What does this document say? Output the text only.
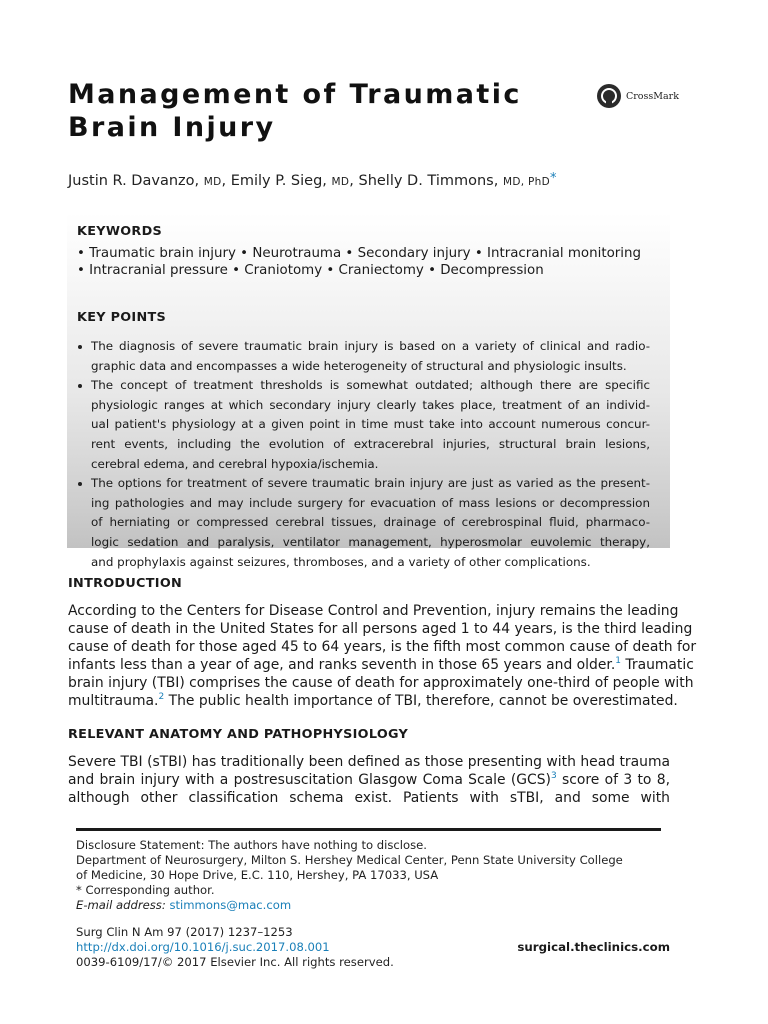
Management of Traumatic
Brain Injury
CrossMark
Justin R. Davanzo, MD, Emily P. Sieg, MD, Shelly D. Timmons, MD, PhD*
KEYWORDS
• Traumatic brain injury • Neurotrauma • Secondary injury • Intracranial monitoring
• Intracranial pressure • Craniotomy • Craniectomy • Decompression
KEY POINTS
The diagnosis of severe traumatic brain injury is based on a variety of clinical and radio-
graphic data and encompasses a wide heterogeneity of structural and physiologic insults.
The concept of treatment thresholds is somewhat outdated; although there are specific
physiologic ranges at which secondary injury clearly takes place, treatment of an individ-
ual patient's physiology at a given point in time must take into account numerous concur-
rent events, including the evolution of extracerebral injuries, structural brain lesions,
cerebral edema, and cerebral hypoxia/ischemia.
The options for treatment of severe traumatic brain injury are just as varied as the present-
ing pathologies and may include surgery for evacuation of mass lesions or decompression
of herniating or compressed cerebral tissues, drainage of cerebrospinal fluid, pharmaco-
logic sedation and paralysis, ventilator management, hyperosmolar euvolemic therapy,
and prophylaxis against seizures, thromboses, and a variety of other complications.
INTRODUCTION
According to the Centers for Disease Control and Prevention, injury remains the leading
cause of death in the United States for all persons aged 1 to 44 years, is the third leading
cause of death for those aged 45 to 64 years, is the fifth most common cause of death for
infants less than a year of age, and ranks seventh in those 65 years and older.$^1$ Traumatic
brain injury (TBI) comprises the cause of death for approximately one-third of people with
multitrauma.$^2$ The public health importance of TBI, therefore, cannot be overestimated.
RELEVANT ANATOMY AND PATHOPHYSIOLOGY
Severe TBI (sTBI) has traditionally been defined as those presenting with head trauma
and brain injury with a postresuscitation Glasgow Coma Scale (GCS)$^3$ score of 3 to 8,
although other classification schema exist. Patients with sTBI, and some with
Disclosure Statement: The authors have nothing to disclose.
Department of Neurosurgery, Milton S. Hershey Medical Center, Penn State University College
of Medicine, 30 Hope Drive, E.C. 110, Hershey, PA 17033, USA
* Corresponding author.
E-mail address: stimmons@mac.com
Surg Clin N Am 97 (2017) 1237–1253
http://dx.doi.org/10.1016/j.suc.2017.08.001
0039-6109/17/© 2017 Elsevier Inc. All rights reserved.
surgical.theclinics.com
